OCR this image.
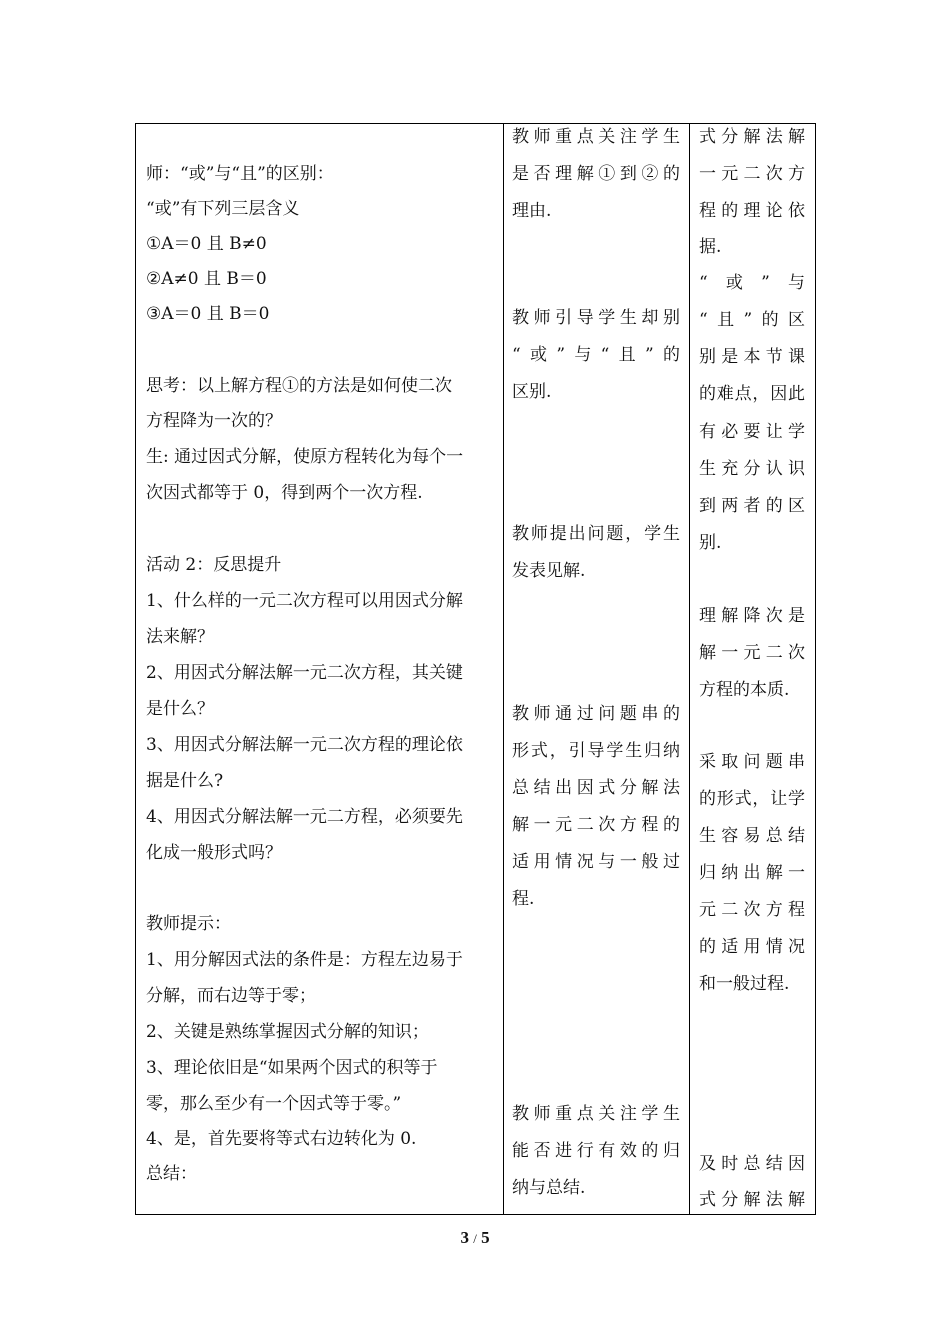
师：“或”与“且”的区别：
“或”有下列三层含义
①A＝0 且 B≠0
②A≠0 且 B＝0
③A＝0 且 B＝0
思考：以上解方程①的方法是如何使二次
方程降为一次的？
生: 通过因式分解，使原方程转化为每个一
次因式都等于 0，得到两个一次方程.
活动 2：反思提升
1、什么样的一元二次方程可以用因式分解
法来解？
2、用因式分解法解一元二次方程，其关键
是什么？
3、用因式分解法解一元二次方程的理论依
据是什么?
4、用因式分解法解一元二方程，必须要先
化成一般形式吗？
教师提示：
1、用分解因式法的条件是：方程左边易于
分解，而右边等于零；
2、关键是熟练掌握因式分解的知识；
3、理论依旧是“如果两个因式的积等于
零，那么至少有一个因式等于零。”
4、是，首先要将等式右边转化为 0.
总结：
教师重点关注学生
是否理解①到②的
理由.
教师引导学生却别
“或”与“且”的
区别.
教师提出问题，学生
发表见解.
教师通过问题串的
形式，引导学生归纳
总结出因式分解法
解一元二次方程的
适用情况与一般过
程.
教师重点关注学生
能否进行有效的归
纳与总结.
式分解法解
一元二次方
程的理论依
据.
“或”与
“且”的区
别是本节课
的难点，因此
有必要让学
生充分认识
到两者的区
别.
理解降次是
解一元二次
方程的本质.
采取问题串
的形式，让学
生容易总结
归纳出解一
元二次方程
的适用情况
和一般过程.
及时总结因
式分解法解
3 / 5
